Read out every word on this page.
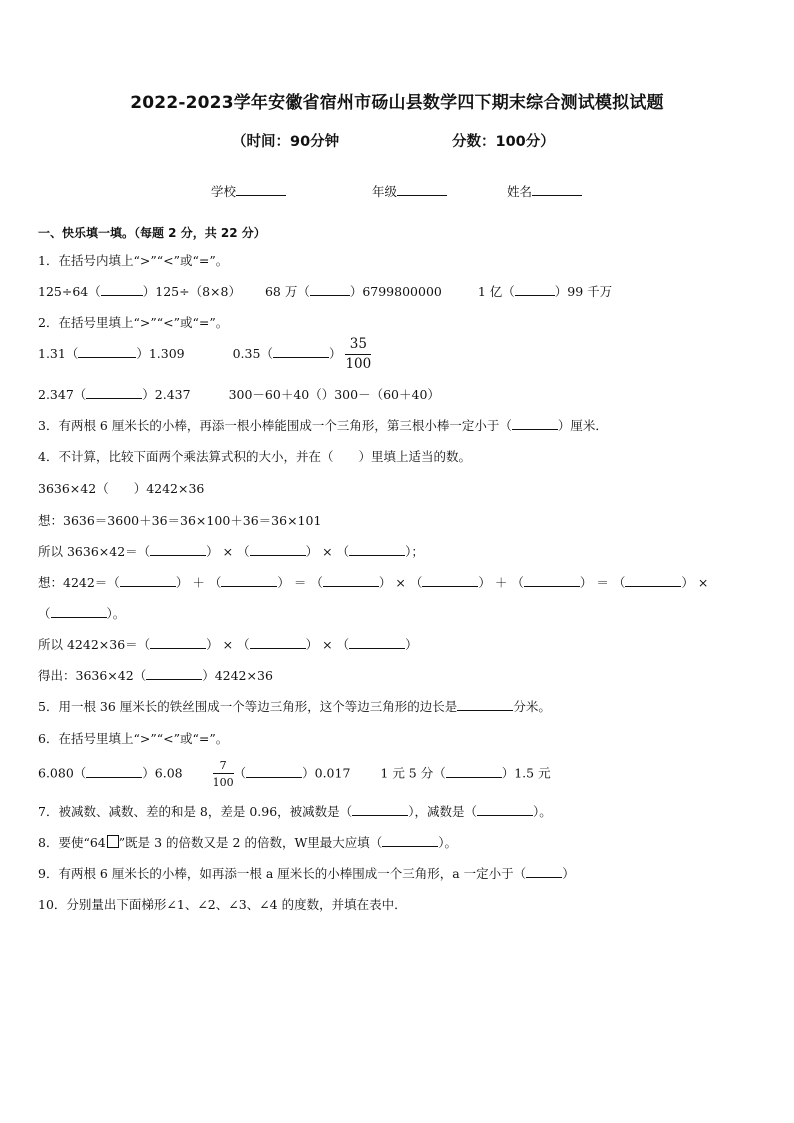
2022-2023学年安徽省宿州市砀山县数学四下期末综合测试模拟试题
（时间：90分钟	分数：100分）
学校	年级	姓名
一、快乐填一填。（每题 2 分，共 22 分）
1．在括号内填上“>”“<”或“=”。
125÷64（	）125÷（8×8） 68 万（	）6799800000	1 亿（	）99 千万
2．在括号里填上“>”“<”或“=”。
1.31（	）1.309	0.35（	） $\frac{35}{100}$
2.347（	）2.437	300－60＋40（）300－（60＋40）
3．有两根 6 厘米长的小棒，再添一根小棒能围成一个三角形，第三根小棒一定小于（	）厘米．
4．不计算，比较下面两个乘法算式积的大小，并在（　　）里填上适当的数。
3636×42（　　）4242×36
想：3636＝3600＋36＝36×100＋36＝36×101
所以 3636×42＝（	） × （	） × （	）；
想：4242＝（	） ＋ （	） ＝ （	） × （	） ＋ （	） ＝ （	） ×
（	）。
所以 4242×36＝（	） × （	） × （	）
得出：3636×42（	）4242×36
5．用一根 36 厘米长的铁丝围成一个等边三角形，这个等边三角形的边长是	分米。
6．在括号里填上“>”“<”或“=”。
6.080（	）6.08	$\frac{7}{100}$ （	）0.017 1 元 5 分（	）1.5 元
7．被减数、减数、差的和是 8，差是 0.96，被减数是（	），减数是（	）。
8．要使“64 ”既是 3 的倍数又是 2 的倍数，W里最大应填（	）。
9．有两根 6 厘米长的小棒，如再添一根 a 厘米长的小棒围成一个三角形，a 一定小于（	）
10．分别量出下面梯形∠1、∠2、∠3、∠4 的度数，并填在表中．
